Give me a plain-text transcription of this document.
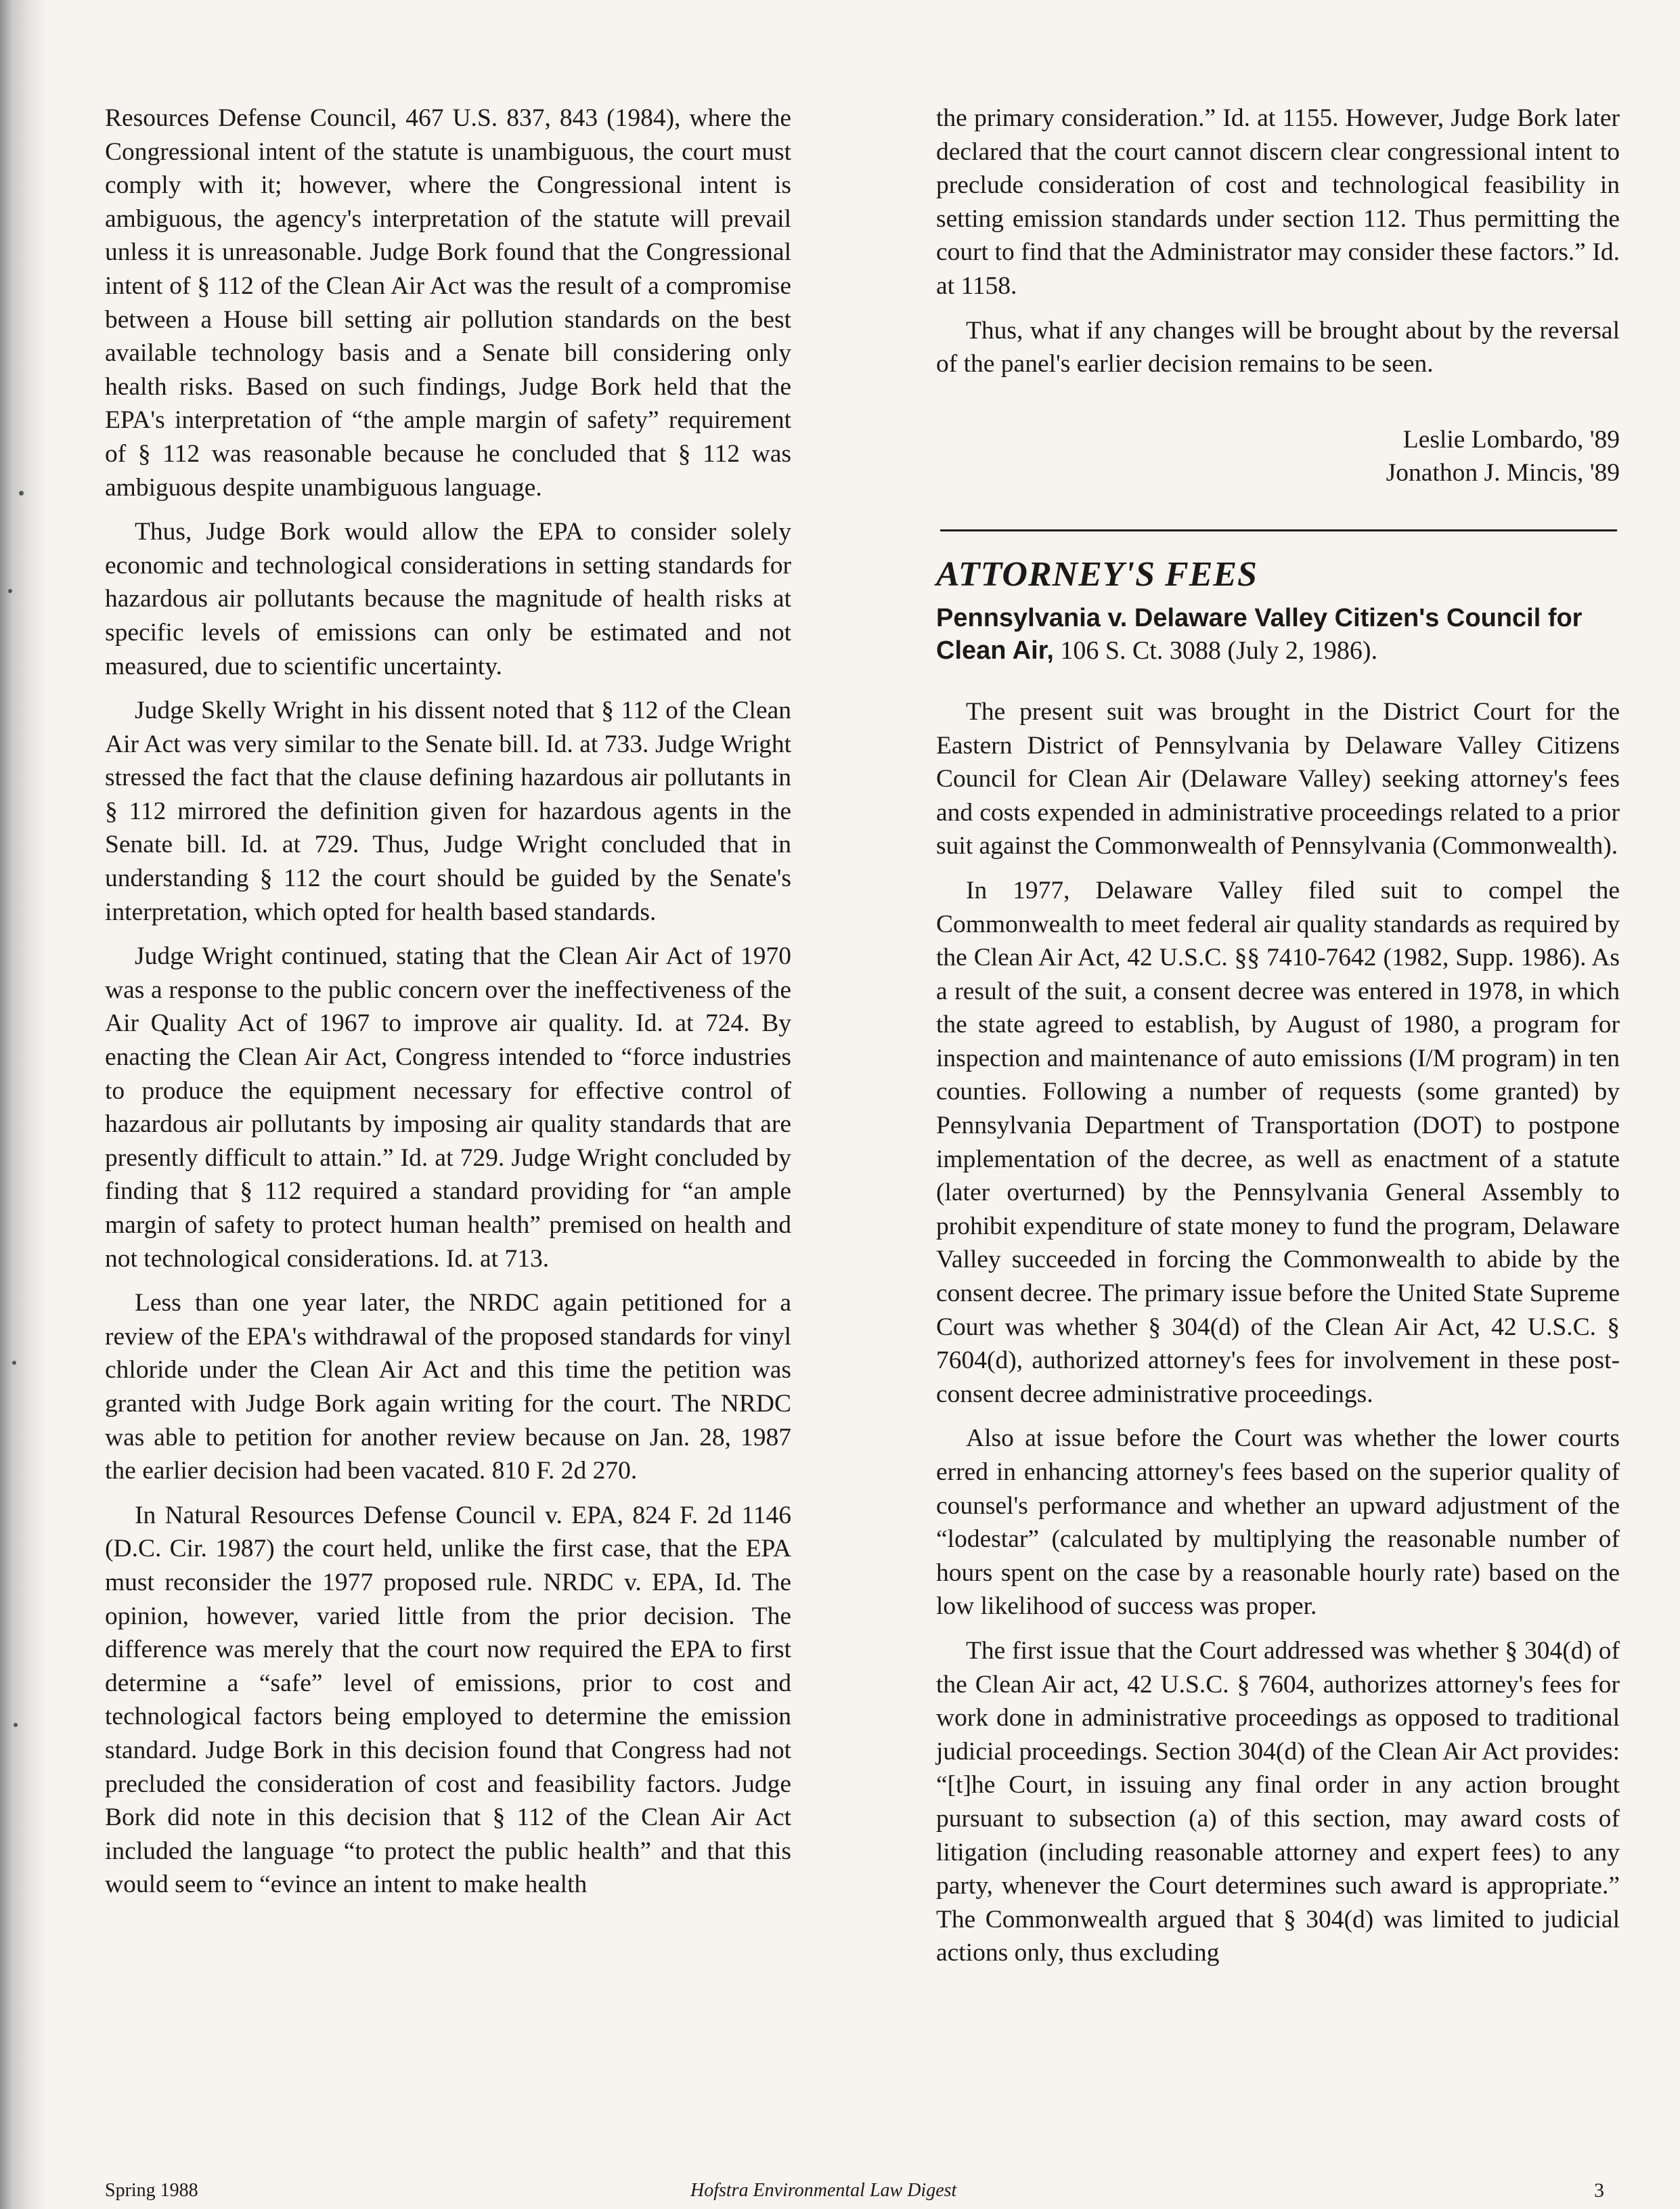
Resources Defense Council, 467 U.S. 837, 843 (1984), where the Congressional intent of the statute is unambiguous, the court must comply with it; however, where the Congressional intent is ambiguous, the agency's interpretation of the statute will prevail unless it is unreasonable. Judge Bork found that the Congressional intent of § 112 of the Clean Air Act was the result of a compromise between a House bill setting air pollution standards on the best available technology basis and a Senate bill considering only health risks. Based on such findings, Judge Bork held that the EPA's interpretation of “the ample margin of safety” requirement of § 112 was reasonable because he concluded that § 112 was ambiguous despite unambiguous language.

Thus, Judge Bork would allow the EPA to consider solely economic and technological considerations in setting standards for hazardous air pollutants because the magnitude of health risks at specific levels of emissions can only be estimated and not measured, due to scientific uncertainty.

Judge Skelly Wright in his dissent noted that § 112 of the Clean Air Act was very similar to the Senate bill. Id. at 733. Judge Wright stressed the fact that the clause defining hazardous air pollutants in § 112 mirrored the definition given for hazardous agents in the Senate bill. Id. at 729. Thus, Judge Wright concluded that in understanding § 112 the court should be guided by the Senate's interpretation, which opted for health based standards.

Judge Wright continued, stating that the Clean Air Act of 1970 was a response to the public concern over the ineffectiveness of the Air Quality Act of 1967 to improve air quality. Id. at 724. By enacting the Clean Air Act, Congress intended to “force industries to produce the equipment necessary for effective control of hazardous air pollutants by imposing air quality standards that are presently difficult to attain.” Id. at 729. Judge Wright concluded by finding that § 112 required a standard providing for “an ample margin of safety to protect human health” premised on health and not technological considerations. Id. at 713.

Less than one year later, the NRDC again petitioned for a review of the EPA's withdrawal of the proposed standards for vinyl chloride under the Clean Air Act and this time the petition was granted with Judge Bork again writing for the court. The NRDC was able to petition for another review because on Jan. 28, 1987 the earlier decision had been vacated. 810 F. 2d 270.

In Natural Resources Defense Council v. EPA, 824 F. 2d 1146 (D.C. Cir. 1987) the court held, unlike the first case, that the EPA must reconsider the 1977 proposed rule. NRDC v. EPA, Id. The opinion, however, varied little from the prior decision. The difference was merely that the court now required the EPA to first determine a “safe” level of emissions, prior to cost and technological factors being employed to determine the emission standard. Judge Bork in this decision found that Congress had not precluded the consideration of cost and feasibility factors. Judge Bork did note in this decision that § 112 of the Clean Air Act included the language “to protect the public health” and that this would seem to “evince an intent to make health

the primary consideration.” Id. at 1155. However, Judge Bork later declared that the court cannot discern clear congressional intent to preclude consideration of cost and technological feasibility in setting emission standards under section 112. Thus permitting the court to find that the Administrator may consider these factors.” Id. at 1158.

Thus, what if any changes will be brought about by the reversal of the panel's earlier decision remains to be seen.

Leslie Lombardo, '89
Jonathon J. Mincis, '89
ATTORNEY'S FEES
Pennsylvania v. Delaware Valley Citizen's Council for Clean Air, 106 S. Ct. 3088 (July 2, 1986).

The present suit was brought in the District Court for the Eastern District of Pennsylvania by Delaware Valley Citizens Council for Clean Air (Delaware Valley) seeking attorney's fees and costs expended in administrative proceedings related to a prior suit against the Commonwealth of Pennsylvania (Commonwealth).

In 1977, Delaware Valley filed suit to compel the Commonwealth to meet federal air quality standards as required by the Clean Air Act, 42 U.S.C. §§ 7410-7642 (1982, Supp. 1986). As a result of the suit, a consent decree was entered in 1978, in which the state agreed to establish, by August of 1980, a program for inspection and maintenance of auto emissions (I/M program) in ten counties. Following a number of requests (some granted) by Pennsylvania Department of Transportation (DOT) to postpone implementation of the decree, as well as enactment of a statute (later overturned) by the Pennsylvania General Assembly to prohibit expenditure of state money to fund the program, Delaware Valley succeeded in forcing the Commonwealth to abide by the consent decree. The primary issue before the United State Supreme Court was whether § 304(d) of the Clean Air Act, 42 U.S.C. § 7604(d), authorized attorney's fees for involvement in these post-consent decree administrative proceedings.

Also at issue before the Court was whether the lower courts erred in enhancing attorney's fees based on the superior quality of counsel's performance and whether an upward adjustment of the “lodestar” (calculated by multiplying the reasonable number of hours spent on the case by a reasonable hourly rate) based on the low likelihood of success was proper.

The first issue that the Court addressed was whether § 304(d) of the Clean Air act, 42 U.S.C. § 7604, authorizes attorney's fees for work done in administrative proceedings as opposed to traditional judicial proceedings. Section 304(d) of the Clean Air Act provides: “[t]he Court, in issuing any final order in any action brought pursuant to subsection (a) of this section, may award costs of litigation (including reasonable attorney and expert fees) to any party, whenever the Court determines such award is appropriate.” The Commonwealth argued that § 304(d) was limited to judicial actions only, thus excluding

Spring 1988	Hofstra Environmental Law Digest	3
